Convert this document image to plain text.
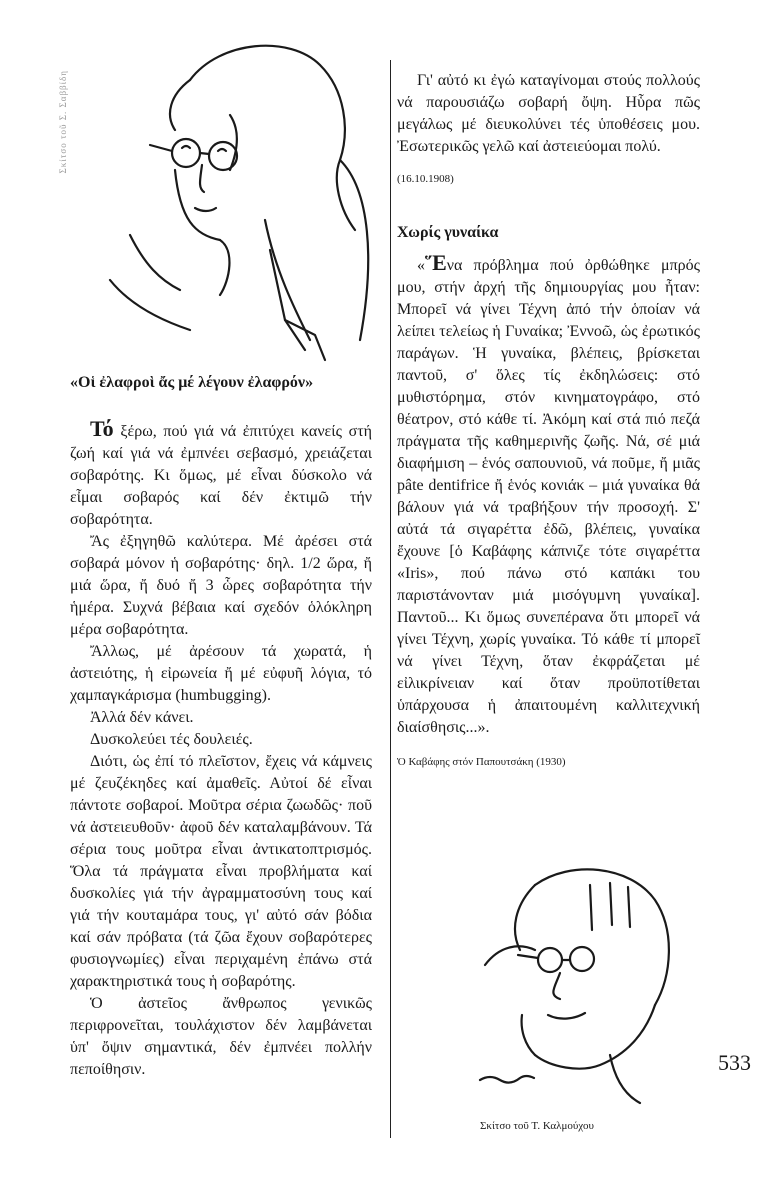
Σκίτσο τοῦ Σ. Σαββίδη
«Οἱ ἐλαφροὶ ἄς μέ λέγουν ἐλαφρόν»

Τό ξέρω, πού γιά νά ἐπιτύχει κανείς στή ζωή καί γιά νά ἐμπνέει σεβασμό, χρειάζεται σοβαρότης. Κι ὅμως, μέ εἶναι δύσκολο νά εἶμαι σοβαρός καί δέν ἐκτιμῶ τήν σοβαρότητα.

Ἄς ἐξηγηθῶ καλύτερα. Μέ ἀρέσει στά σοβαρά μόνον ἡ σοβαρότης· δηλ. 1/2 ὥρα, ἤ μιά ὥρα, ἤ δυό ἤ 3 ὧρες σοβαρότητα τήν ἡμέρα. Συχνά βέβαια καί σχεδόν ὁλόκληρη μέρα σοβαρότητα.

Ἄλλως, μέ ἀρέσουν τά χωρατά, ἡ ἀστειότης, ἡ εἰρωνεία ἤ μέ εὐφυῆ λόγια, τό χαμπαγκάρισμα (humbugging).

Ἀλλά δέν κάνει.

Δυσκολεύει τές δουλειές.

Διότι, ὡς ἐπί τό πλεῖστον, ἔχεις νά κάμνεις μέ ζευζέκηδες καί ἀμαθεῖς. Αὐτοί δέ εἶναι πάντοτε σοβαροί. Μοῦτρα σέρια ζωωδῶς· ποῦ νά ἀστειευθοῦν· ἀφοῦ δέν καταλαμβάνουν. Τά σέρια τους μοῦτρα εἶναι ἀντικατοπτρισμός. Ὅλα τά πράγματα εἶναι προβλήματα καί δυσκολίες γιά τήν ἀγραμματοσύνη τους καί γιά τήν κουταμάρα τους, γι' αὐτό σάν βόδια καί σάν πρόβατα (τά ζῶα ἔχουν σοβαρότερες φυσιογνωμίες) εἶναι περιχαμένη ἐπάνω στά χαρακτηριστικά τους ἡ σοβαρότης.

Ὁ ἀστεῖος ἄνθρωπος γενικῶς περιφρονεῖται, τουλάχιστον δέν λαμβάνεται ὑπ' ὄψιν σημαντικά, δέν ἐμπνέει πολλήν πεποίθησιν.

Γι' αὐτό κι ἐγώ καταγίνομαι στούς πολλούς νά παρουσιάζω σοβαρή ὄψη. Ηὗρα πῶς μεγάλως μέ διευκολύνει τές ὑποθέσεις μου. Ἐσωτερικῶς γελῶ καί ἀστειεύομαι πολύ.

(16.10.1908)
Χωρίς γυναίκα

«Ἕνα πρόβλημα πού ὀρθώθηκε μπρός μου, στήν ἀρχή τῆς δημιουργίας μου ἦταν: Μπορεῖ νά γίνει Τέχνη ἀπό τήν ὁποίαν νά λείπει τελείως ἡ Γυναίκα; Ἐννοῶ, ὡς ἐρωτικός παράγων. Ἡ γυναίκα, βλέπεις, βρίσκεται παντοῦ, σ' ὅλες τίς ἐκδηλώσεις: στό μυθιστόρημα, στόν κινηματογράφο, στό θέατρον, στό κάθε τί. Ἀκόμη καί στά πιό πεζά πράγματα τῆς καθημερινῆς ζωῆς. Νά, σέ μιά διαφήμιση – ἑνός σαπουνιοῦ, νά ποῦμε, ἤ μιᾶς pâte dentifrice ἤ ἑνός κονιάκ – μιά γυναίκα θά βάλουν γιά νά τραβήξουν τήν προσοχή. Σ' αὐτά τά σιγαρέττα ἐδῶ, βλέπεις, γυναίκα ἔχουνε [ὁ Καβάφης κάπνιζε τότε σιγαρέττα «Iris», πού πάνω στό καπάκι του παριστάνονταν μιά μισόγυμνη γυναίκα]. Παντοῦ... Κι ὅμως συνεπέρανα ὅτι μπορεῖ νά γίνει Τέχνη, χωρίς γυναίκα. Τό κάθε τί μπορεῖ νά γίνει Τέχνη, ὅταν ἐκφράζεται μέ εἰλικρίνειαν καί ὅταν προϋποτίθεται ὑπάρχουσα ἡ ἀπαιτουμένη καλλιτεχνική διαίσθησις...».

Ὁ Καβάφης στόν Παπουτσάκη (1930)
Σκίτσο τοῦ Τ. Καλμούχου
533
